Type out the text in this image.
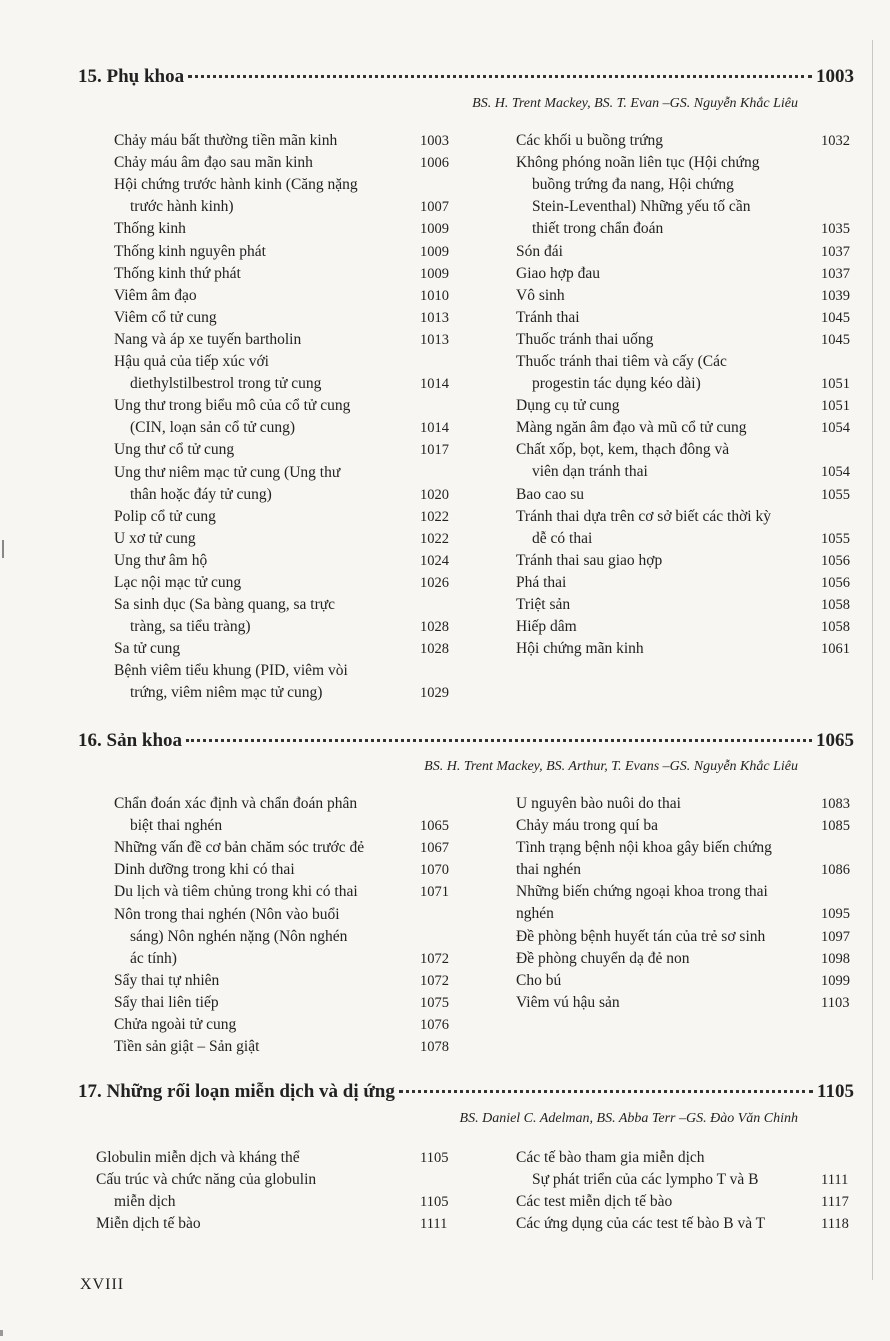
15. Phụ khoa	1003
BS. H. Trent Mackey, BS. T. Evan –GS. Nguyễn Khắc Liêu
16. Sản khoa	1065
BS. H. Trent Mackey, BS. Arthur, T. Evans –GS. Nguyễn Khắc Liêu
17. Những rối loạn miễn dịch và dị ứng	1105
BS. Daniel C. Adelman, BS. Abba Terr –GS. Đào Văn Chinh
XVIII
Chảy máu bất thường tiền mãn kinh	1003
Chảy máu âm đạo sau mãn kinh	1006
Hội chứng trước hành kinh (Căng nặng
trước hành kinh)	1007
Thống kinh	1009
Thống kinh nguyên phát	1009
Thống kinh thứ phát	1009
Viêm âm đạo	1010
Viêm cổ tử cung	1013
Nang và áp xe tuyến bartholin	1013
Hậu quả của tiếp xúc với
diethylstilbestrol trong tử cung	1014
Ung thư trong biểu mô của cổ tử cung
(CIN, loạn sản cổ tử cung)	1014
Ung thư cổ tử cung	1017
Ung thư niêm mạc tử cung (Ung thư
thân hoặc đáy tử cung)	1020
Polip cổ tử cung	1022
U xơ tử cung	1022
Ung thư âm hộ	1024
Lạc nội mạc tử cung	1026
Sa sinh dục (Sa bàng quang, sa trực
tràng, sa tiểu tràng)	1028
Sa tử cung	1028
Bệnh viêm tiểu khung (PID, viêm vòi
trứng, viêm niêm mạc tử cung)	1029
Các khối u buồng trứng	1032
Không phóng noãn liên tục (Hội chứng
buồng trứng đa nang, Hội chứng
Stein-Leventhal) Những yếu tố cần
thiết trong chẩn đoán	1035
Són đái	1037
Giao hợp đau	1037
Vô sinh	1039
Tránh thai	1045
Thuốc tránh thai uống	1045
Thuốc tránh thai tiêm và cấy (Các
progestin tác dụng kéo dài)	1051
Dụng cụ tử cung	1051
Màng ngăn âm đạo và mũ cổ tử cung	1054
Chất xốp, bọt, kem, thạch đông và
viên dạn tránh thai	1054
Bao cao su	1055
Tránh thai dựa trên cơ sở biết các thời kỳ
dễ có thai	1055
Tránh thai sau giao hợp	1056
Phá thai	1056
Triệt sản	1058
Hiếp dâm	1058
Hội chứng mãn kinh	1061
Chẩn đoán xác định và chẩn đoán phân
biệt thai nghén	1065
Những vấn đề cơ bản chăm sóc trước đẻ	1067
Dinh dưỡng trong khi có thai	1070
Du lịch và tiêm chủng trong khi có thai	1071
Nôn trong thai nghén (Nôn vào buổi
sáng) Nôn nghén nặng (Nôn nghén
ác tính)	1072
Sẩy thai tự nhiên	1072
Sẩy thai liên tiếp	1075
Chửa ngoài tử cung	1076
Tiền sản giật – Sản giật	1078
U nguyên bào nuôi do thai	1083
Chảy máu trong quí ba	1085
Tình trạng bệnh nội khoa gây biến chứng
thai nghén	1086
Những biến chứng ngoại khoa trong thai
nghén	1095
Đề phòng bệnh huyết tán của trẻ sơ sinh	1097
Đề phòng chuyển dạ đẻ non	1098
Cho bú	1099
Viêm vú hậu sản	1103
Globulin miễn dịch và kháng thể	1105
Cấu trúc và chức năng của globulin
miễn dịch	1105
Miễn dịch tế bào	1111
Các tế bào tham gia miễn dịch
Sự phát triển của các lympho T và B	1111
Các test miễn dịch tế bào	1117
Các ứng dụng của các test tế bào B và T	1118
